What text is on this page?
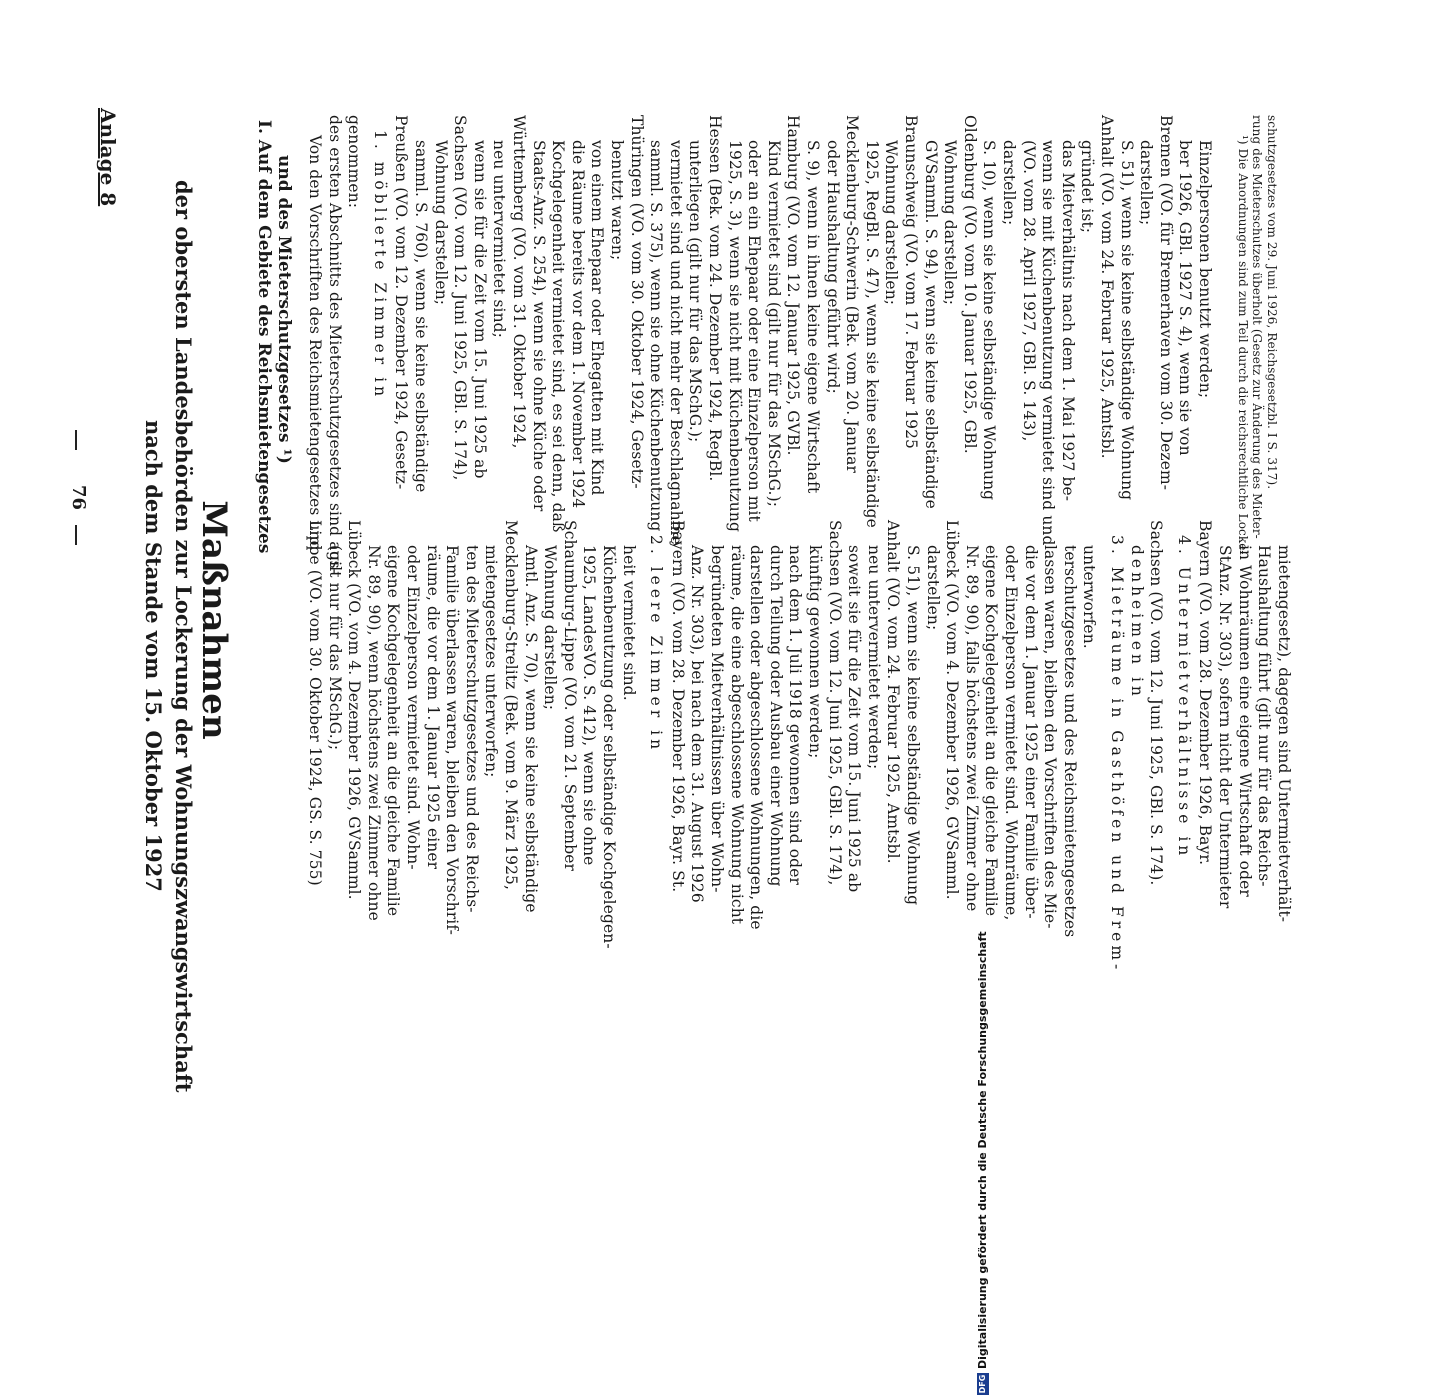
Anlage 8
76
Maßnahmen
der obersten Landesbehörden zur Lockerung der Wohnungszwangswirtschaft
nach dem Stande vom 15. Oktober 1927
I. Auf dem Gebiete des Reichsmietengesetzes und des Mieterschutzgesetzes ¹) Von den Vorschriften des Reichsmietengesetzes und des ersten Abschnitts des Mieterschutzgesetzes sind aus- genommen: 1. möblierte Zimmer in Preußen (VO. vom 12. Dezember 1924, Gesetz- samml. S. 760), wenn sie keine selbständige Wohnung darstellen; Sachsen (VO. vom 12. Juni 1925, GBl. S. 174), wenn sie für die Zeit vom 15. Juni 1925 ab neu untervermietet sind; Württemberg (VO. vom 31. Oktober 1924, Staats-Anz. S. 254), wenn sie ohne Küche oder Kochgelegenheit vermietet sind, es sei denn, daß die Räume bereits vor dem 1. November 1924 von einem Ehepaar oder Ehegatten mit Kind benutzt waren; Thüringen (VO. vom 30. Oktober 1924, Gesetz- samml. S. 375), wenn sie ohne Küchenbenutzung vermietet sind und nicht mehr der Beschlagnahme unterliegen (gilt nur für das MSchG.); Hessen (Bek. vom 24. Dezember 1924, RegBl. 1925, S. 3), wenn sie nicht mit Küchenbenutzung oder an ein Ehepaar oder eine Einzelperson mit Kind vermietet sind (gilt nur für das MSchG.); Hamburg (VO. vom 12. Januar 1925, GVBl. S. 9), wenn in ihnen keine eigene Wirtschaft oder Haushaltung geführt wird; Mecklenburg-Schwerin (Bek. vom 20. Januar 1925, RegBl. S. 47), wenn sie keine selbständige Wohnung darstellen; Braunschweig (VO. vom 17. Februar 1925 GVSamml. S. 94), wenn sie keine selbständige Wohnung darstellen; Oldenburg (VO. vom 10. Januar 1925, GBl. S. 10), wenn sie keine selbständige Wohnung darstellen; (VO. vom 28. April 1927, GBl. S. 143), wenn sie mit Küchenbenutzung vermietet sind und das Mietverhältnis nach dem 1. Mai 1927 be- gründet ist; Anhalt (VO. vom 24. Februar 1925, Amtsbl. S. 51), wenn sie keine selbständige Wohnung darstellen; Bremen (VO. für Bremerhaven vom 30. Dezem- ber 1926, GBl. 1927 S. 4), wenn sie von Einzelpersonen benutzt werden; ¹) Die Anordnungen sind zum Teil durch die reichsrechtliche Locke- rung des Mieterschutzes überholt (Gesetz zur Änderung des Mieter- schutzgesetzes vom 29. Juni 1926, Reichsgesetzbl. I S. 317).
Lippe (VO. vom 30. Oktober 1924, GS. S. 755) (gilt nur für das MSchG.); Lübeck (VO. vom 4. Dezember 1926, GVSamml. Nr. 89, 90), wenn höchstens zwei Zimmer ohne eigene Kochgelegenheit an die gleiche Familie oder Einzelperson vermietet sind. Wohn- räume, die vor dem 1. Januar 1925 einer Familie überlassen waren, bleiben den Vorschrif- ten des Mieterschutzgesetzes und des Reichs- mietengesetzes unterworfen; Mecklenburg-Strelitz (Bek. vom 9. März 1925, Amtl. Anz. S. 70), wenn sie keine selbständige Wohnung darstellen; Schaumburg-Lippe (VO. vom 21. September 1925, LandesVO. S. 412), wenn sie ohne Küchenbenutzung oder selbständige Kochgelegen- heit vermietet sind. 2. leere Zimmer in Bayern (VO. vom 28. Dezember 1926, Bayr. St. Anz. Nr. 303), bei nach dem 31. August 1926 begründeten Mietverhältnissen über Wohn- räume, die eine abgeschlossene Wohnung nicht darstellen oder abgeschlossene Wohnungen, die durch Teilung oder Ausbau einer Wohnung nach dem 1. Juli 1918 gewonnen sind oder künftig gewonnen werden; Sachsen (VO. vom 12. Juni 1925, GBl. S. 174), soweit sie für die Zeit vom 15. Juni 1925 ab neu untervermietet werden; Anhalt (VO. vom 24. Februar 1925, Amtsbl. S. 51), wenn sie keine selbständige Wohnung darstellen; Lübeck (VO. vom 4. Dezember 1926, GVSamml. Nr. 89, 90), falls höchstens zwei Zimmer ohne eigene Kochgelegenheit an die gleiche Familie oder Einzelperson vermietet sind. Wohnräume, die vor dem 1. Januar 1925 einer Familie über- lassen waren, bleiben den Vorschriften des Mie- terschutzgesetzes und des Reichsmietengesetzes unterworfen. 3. Mieträume in Gasthöfen und Frem- denheimen in Sachsen (VO. vom 12. Juni 1925, GBl. S. 174). 4. Untermietverhältnisse in Bayern (VO. vom 28. Dezember 1926, Bayr. StAnz. Nr. 303), sofern nicht der Untermieter in Wohnräumen eine eigene Wirtschaft oder Haushaltung führt (gilt nur für das Reichs- mietengesetz), dagegen sind Untermietverhält-
DFGDigitalisierung gefördert durch die Deutsche Forschungsgemeinschaft
